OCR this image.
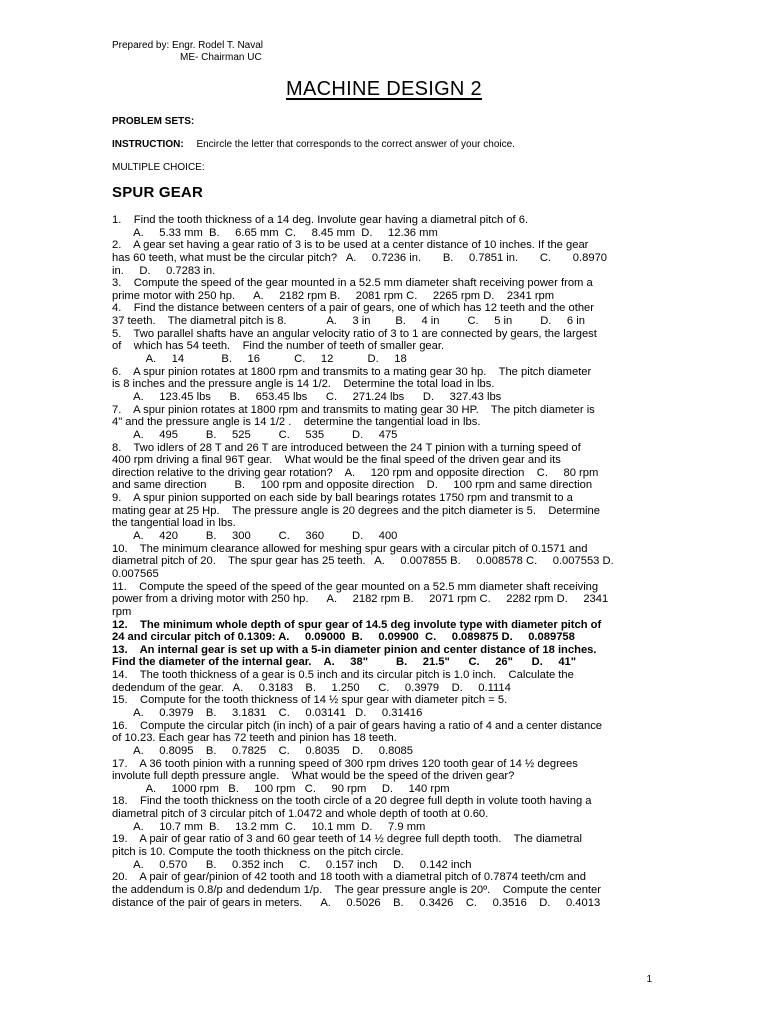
Prepared by: Engr. Rodel T. Naval
ME- Chairman UC
MACHINE DESIGN 2
PROBLEM SETS:
INSTRUCTION: Encircle the letter that corresponds to the correct answer of your choice.
MULTIPLE CHOICE:
SPUR GEAR
1.    Find the tooth thickness of a 14 deg. Involute gear having a diametral pitch of 6.
A.     5.33 mm  B.     6.65 mm  C.     8.45 mm  D.     12.36 mm
2.    A gear set having a gear ratio of 3 is to be used at a center distance of 10 inches. If the gear
has 60 teeth, what must be the circular pitch?   A.     0.7236 in.       B.     0.7851 in.       C.       0.8970
in.     D.     0.7283 in.
3.    Compute the speed of the gear mounted in a 52.5 mm diameter shaft receiving power from a
prime motor with 250 hp.      A.     2182 rpm B.     2081 rpm C.     2265 rpm D.    2341 rpm
4.    Find the distance between centers of a pair of gears, one of which has 12 teeth and the other
37 teeth.    The diametral pitch is 8.             A.     3 in        B.     4 in         C.     5 in         D.     6 in
5.    Two parallel shafts have an angular velocity ratio of 3 to 1 are connected by gears, the largest
of    which has 54 teeth.    Find the number of teeth of smaller gear.
A.     14            B.     16           C.     12           D.     18
6.    A spur pinion rotates at 1800 rpm and transmits to a mating gear 30 hp.    The pitch diameter
is 8 inches and the pressure angle is 14 1/2.    Determine the total load in lbs.
A.     123.45 lbs      B.     653.45 lbs      C.     271.24 lbs      D.     327.43 lbs
7.    A spur pinion rotates at 1800 rpm and transmits to mating gear 30 HP.    The pitch diameter is
4" and the pressure angle is 14 1/2 .    determine the tangential load in lbs.
A.     495         B.     525         C.     535         D.     475
8.    Two idlers of 28 T and 26 T are introduced between the 24 T pinion with a turning speed of
400 rpm driving a final 96T gear.    What would be the final speed of the driven gear and its
direction relative to the driving gear rotation?    A.     120 rpm and opposite direction    C.     80 rpm
and same direction         B.     100 rpm and opposite direction    D.     100 rpm and same direction
9.    A spur pinion supported on each side by ball bearings rotates 1750 rpm and transmit to a
mating gear at 25 Hp.    The pressure angle is 20 degrees and the pitch diameter is 5.    Determine
the tangential load in lbs.
A.     420         B.     300         C.     360         D.     400
10.    The minimum clearance allowed for meshing spur gears with a circular pitch of 0.1571 and
diametral pitch of 20.    The spur gear has 25 teeth.   A.     0.007855 B.     0.008578 C.     0.007553 D.
0.007565
11.    Compute the speed of the speed of the gear mounted on a 52.5 mm diameter shaft receiving
power from a driving motor with 250 hp.      A.     2182 rpm B.     2071 rpm C.     2282 rpm D.     2341
rpm
12.    The minimum whole depth of spur gear of 14.5 deg involute type with diameter pitch of
24 and circular pitch of 0.1309: A.     0.09000  B.     0.09900  C.     0.089875 D.     0.089758
13.    An internal gear is set up with a 5-in diameter pinion and center distance of 18 inches.
Find the diameter of the internal gear.    A.     38"         B.     21.5"      C.     26"      D.     41"
14.    The tooth thickness of a gear is 0.5 inch and its circular pitch is 1.0 inch.    Calculate the
dedendum of the gear.   A.     0.3183    B.     1.250      C.     0.3979    D.     0.1114
15.    Compute for the tooth thickness of 14 ½ spur gear with diameter pitch = 5.
A.     0.3979    B.     3.1831    C.     0.03141   D.     0.31416
16.    Compute the circular pitch (in inch) of a pair of gears having a ratio of 4 and a center distance
of 10.23. Each gear has 72 teeth and pinion has 18 teeth.
A.     0.8095    B.     0.7825    C.     0.8035    D.     0.8085
17.    A 36 tooth pinion with a running speed of 300 rpm drives 120 tooth gear of 14 ½ degrees
involute full depth pressure angle.    What would be the speed of the driven gear?
A.     1000 rpm   B.     100 rpm   C.     90 rpm     D.     140 rpm
18.    Find the tooth thickness on the tooth circle of a 20 degree full depth in volute tooth having a
diametral pitch of 3 circular pitch of 1.0472 and whole depth of tooth at 0.60.
A.     10.7 mm  B.     13.2 mm  C.     10.1 mm  D.     7.9 mm
19.    A pair of gear ratio of 3 and 60 gear teeth of 14 ½ degree full depth tooth.    The diametral
pitch is 10. Compute the tooth thickness on the pitch circle.
A.     0.570      B.     0.352 inch     C.     0.157 inch     D.     0.142 inch
20.    A pair of gear/pinion of 42 tooth and 18 tooth with a diametral pitch of 0.7874 teeth/cm and
the addendum is 0.8/p and dedendum 1/p.    The gear pressure angle is 20º.    Compute the center
distance of the pair of gears in meters.      A.     0.5026    B.     0.3426    C.     0.3516    D.     0.4013
1
